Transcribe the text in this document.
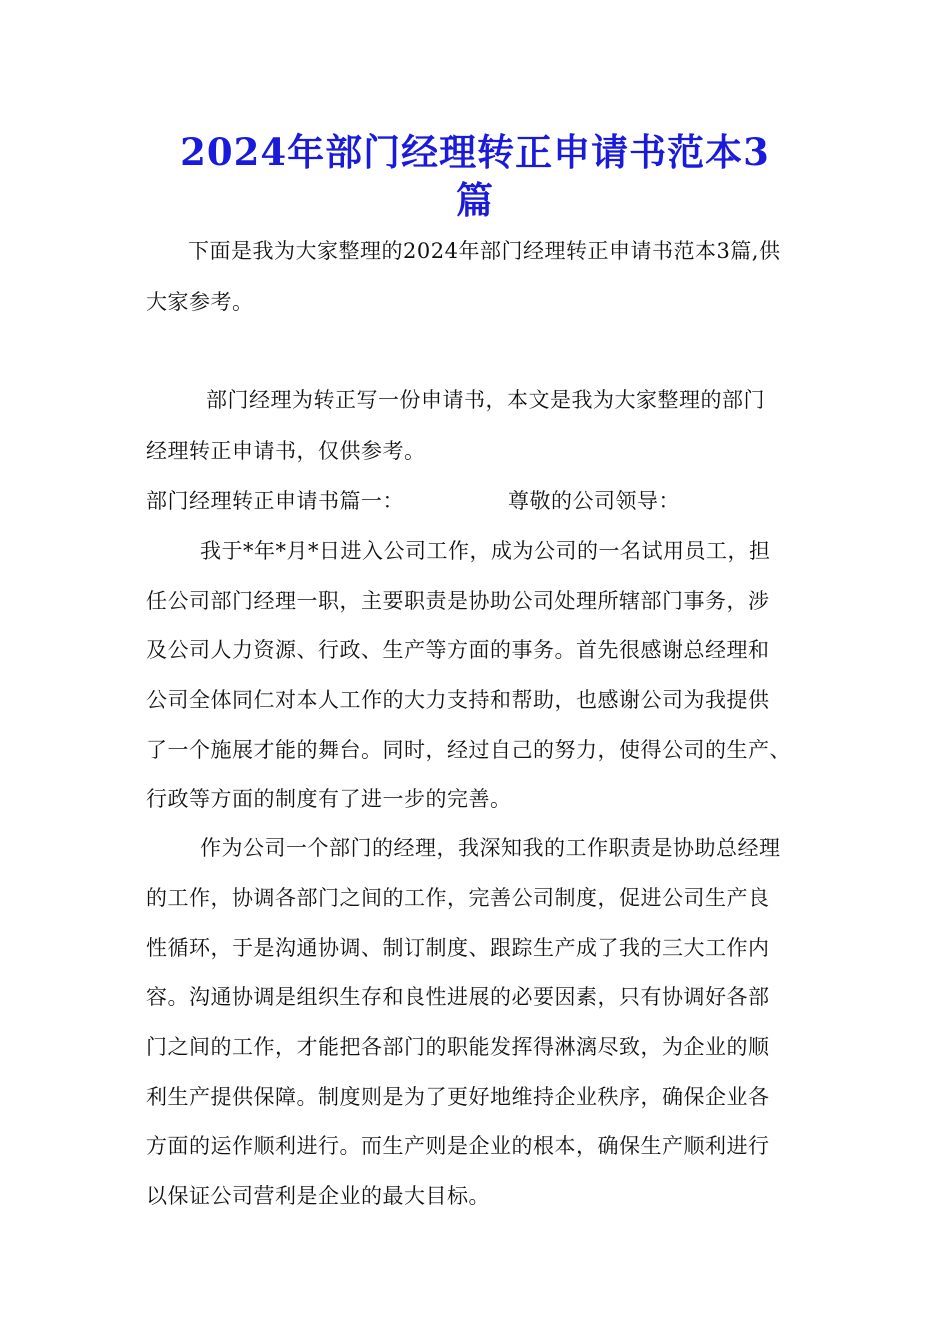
2024年部门经理转正申请书范本3
篇
下面是我为大家整理的2024年部门经理转正申请书范本3篇,供
大家参考。
部门经理为转正写一份申请书，本文是我为大家整理的部门
经理转正申请书，仅供参考。
部门经理转正申请书篇一：	尊敬的公司领导：
我于*年*月*日进入公司工作，成为公司的一名试用员工，担
任公司部门经理一职，主要职责是协助公司处理所辖部门事务，涉
及公司人力资源、行政、生产等方面的事务。首先很感谢总经理和
公司全体同仁对本人工作的大力支持和帮助，也感谢公司为我提供
了一个施展才能的舞台。同时，经过自己的努力，使得公司的生产、
行政等方面的制度有了进一步的完善。
作为公司一个部门的经理，我深知我的工作职责是协助总经理
的工作，协调各部门之间的工作，完善公司制度，促进公司生产良
性循环，于是沟通协调、制订制度、跟踪生产成了我的三大工作内
容。沟通协调是组织生存和良性进展的必要因素，只有协调好各部
门之间的工作，才能把各部门的职能发挥得淋漓尽致，为企业的顺
利生产提供保障。制度则是为了更好地维持企业秩序，确保企业各
方面的运作顺利进行。而生产则是企业的根本，确保生产顺利进行
以保证公司营利是企业的最大目标。
